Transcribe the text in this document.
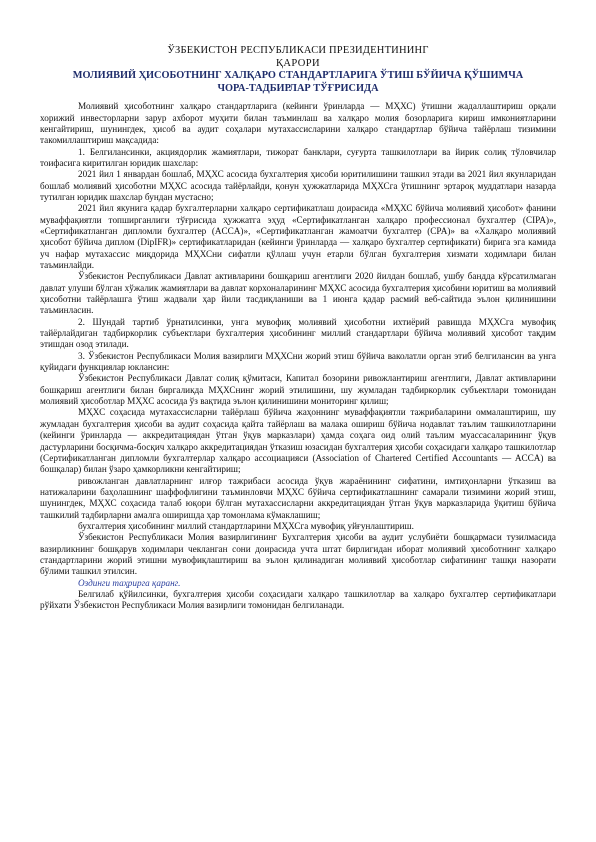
ЎЗБЕКИСТОН РЕСПУБЛИКАСИ ПРЕЗИДЕНТИНИНГ
ҚАРОРИ
МОЛИЯВИЙ ҲИСОБОТНИНГ ХАЛҚАРО СТАНДАРТЛАРИГА ЎТИШ БЎЙИЧА ҚЎШИМЧА
ЧОРА-ТАДБИРЛАР ТЎҒРИСИДА

Молиявий ҳисоботнинг халқаро стандартларига (кейинги ўринларда — МҲХС) ўтишни жадаллаштириш орқали хорижий инвесторларни зарур ахборот муҳити билан таъминлаш ва халқаро молия бозорларига кириш имкониятларини кенгайтириш, шунингдек, ҳисоб ва аудит соҳалари мутахассисларини халқаро стандартлар бўйича тайёрлаш тизимини такомиллаштириш мақсадида:

1. Белгилансинки, акциядорлик жамиятлари, тижорат банклари, суғурта ташкилотлари ва йирик солиқ тўловчилар тоифасига киритилган юридик шахслар:

2021 йил 1 январдан бошлаб, МҲХС асосида бухгалтерия ҳисоби юритилишини ташкил этади ва 2021 йил якунларидан бошлаб молиявий ҳисоботни МҲХС асосида тайёрлайди, қонун ҳужжатларида МҲХСга ўтишнинг эртароқ муддатлари назарда тутилган юридик шахслар бундан мустасно;

2021 йил якунига қадар бухгалтерларни халқаро сертификатлаш доирасида «МҲХС бўйича молиявий ҳисобот» фанини муваффақиятли топширганлиги тўғрисида ҳужжатга эҳуд «Сертификатланган халқаро профессионал бухгалтер (CIPA)», «Сертификатланган дипломли бухгалтер (ACCA)», «Сертификатланган жамоатчи бухгалтер (CPA)» ва «Халқаро молиявий ҳисобот бўйича диплом (DipIFR)» сертификатларидан (кейинги ўринларда — халқаро бухгалтер сертификати) бирига эга камида уч нафар мутахассис миқдорида МҲХСни сифатли қўллаш учун етарли бўлган бухгалтерия хизмати ходимлари билан таъминлайди.

Ўзбекистон Республикаси Давлат активларини бошқариш агентлиги 2020 йилдан бошлаб, ушбу бандда кўрсатилмаган давлат улуши бўлган хўжалик жамиятлари ва давлат корхоналарининг МҲХС асосида бухгалтерия ҳисобини юритиш ва молиявий ҳисоботни тайёрлашга ўтиш жадвали ҳар йили тасдиқланиши ва 1 июнга қадар расмий веб-сайтида эълон қилинишини таъминласин.

2. Шундай тартиб ўрнатилсинки, унга мувофиқ молиявий ҳисоботни ихтиёрий равишда МҲХСга мувофиқ тайёрлайдиган тадбиркорлик субъектлари бухгалтерия ҳисобининг миллий стандартлари бўйича молиявий ҳисобот тақдим этишдан озод этилади.

3. Ўзбекистон Республикаси Молия вазирлиги МҲХСни жорий этиш бўйича ваколатли орган этиб белгилансин ва унга қуйидаги функциялар юклансин:

Ўзбекистон Республикаси Давлат солиқ қўмитаси, Капитал бозорини ривожлантириш агентлиги, Давлат активларини бошқариш агентлиги билан биргаликда МҲХСнинг жорий этилишини, шу жумладан тадбиркорлик субъектлари томонидан молиявий ҳисоботлар МҲХС асосида ўз вақтида эълон қилинишини мониторинг қилиш;

МҲХС соҳасида мутахассисларни тайёрлаш бўйича жаҳоннинг муваффақиятли тажрибаларини оммалаштириш, шу жумладан бухгалтерия ҳисоби ва аудит соҳасида қайта тайёрлаш ва малака ошириш бўйича нодавлат таълим ташкилотларини (кейинги ўринларда — аккредитациядан ўтган ўқув марказлари) ҳамда соҳага оид олий таълим муассасаларининг ўқув дастурларини босқичма-босқич халқаро аккредитациядан ўтказиш юзасидан бухгалтерия ҳисоби соҳасидаги халқаро ташкилотлар (Сертификатланган дипломли бухгалтерлар халқаро ассоциацияси (Association of Chartered Certified Accountants — ACCA) ва бошқалар) билан ўзаро ҳамкорликни кенгайтириш;

ривожланган давлатларнинг илғор тажрибаси асосида ўқув жараёнининг сифатини, имтиҳонларни ўтказиш ва натижаларини баҳолашнинг шаффофлигини таъминловчи МҲХС бўйича сертификатлашнинг самарали тизимини жорий этиш, шунингдек, МҲХС соҳасида талаб юқори бўлган мутахассисларни аккредитациядан ўтган ўқув марказларида ўқитиш бўйича ташкилий тадбирларни амалга оширишда ҳар томонлама кўмаклашиш;

бухгалтерия ҳисобининг миллий стандартларини МҲХСга мувофиқ уйғунлаштириш.

Ўзбекистон Республикаси Молия вазирлигининг Бухгалтерия ҳисоби ва аудит услубиёти бошқармаси тузилмасида вазирликнинг бошқарув ходимлари чекланган сони доирасида учта штат бирлигидан иборат молиявий ҳисоботнинг халқаро стандартларини жорий этишни мувофиқлаштириш ва эълон қилинадиган молиявий ҳисоботлар сифатининг ташқи назорати бўлими ташкил этилсин.

Оздинги таҳрирга қаранг.

Белгилаб қўйилсинки, бухгалтерия ҳисоби соҳасидаги халқаро ташкилотлар ва халқаро бухгалтер сертификатлари рўйхати Ўзбекистон Республикаси Молия вазирлиги томонидан белгиланади.
